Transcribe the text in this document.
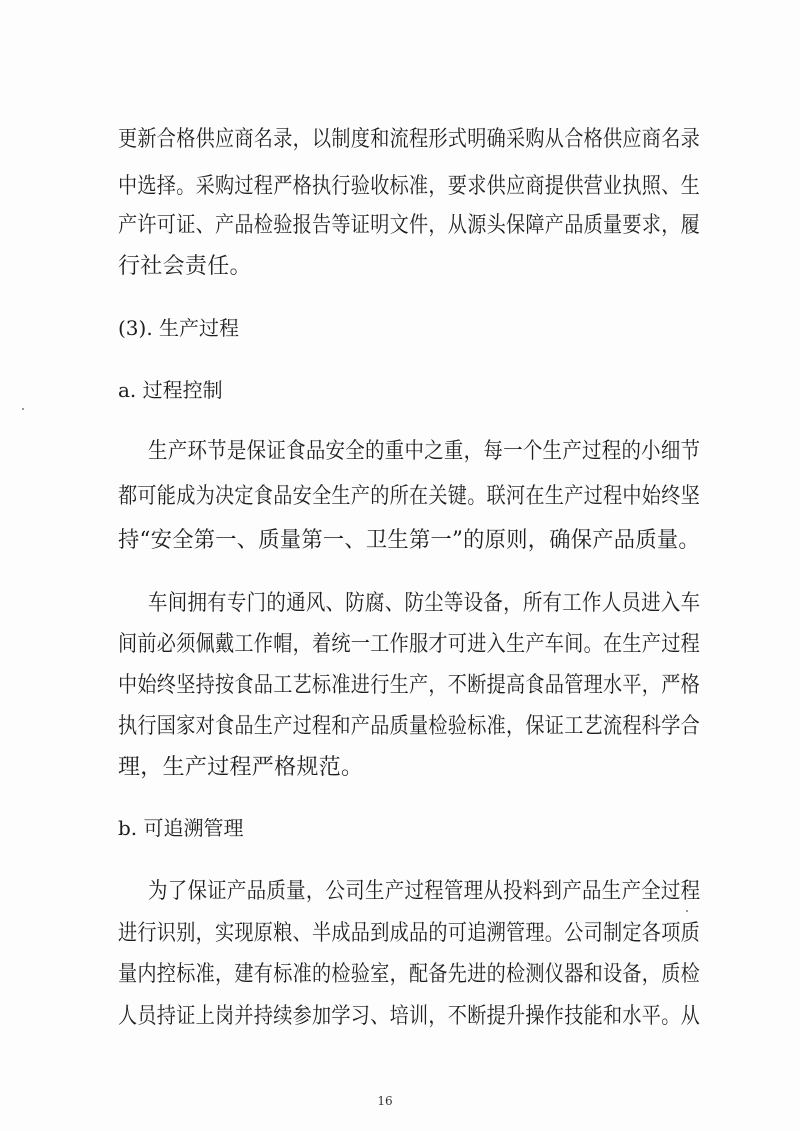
更新合格供应商名录，以制度和流程形式明确采购从合格供应商名录
中选择。采购过程严格执行验收标准，要求供应商提供营业执照、生
产许可证、产品检验报告等证明文件，从源头保障产品质量要求，履
行社会责任。
(3). 生产过程
a. 过程控制
生产环节是保证食品安全的重中之重，每一个生产过程的小细节
都可能成为决定食品安全生产的所在关键。联河在生产过程中始终坚
持“安全第一、质量第一、卫生第一”的原则，确保产品质量。
车间拥有专门的通风、防腐、防尘等设备，所有工作人员进入车
间前必须佩戴工作帽，着统一工作服才可进入生产车间。在生产过程
中始终坚持按食品工艺标准进行生产，不断提高食品管理水平，严格
执行国家对食品生产过程和产品质量检验标准，保证工艺流程科学合
理，生产过程严格规范。
b. 可追溯管理
为了保证产品质量，公司生产过程管理从投料到产品生产全过程
进行识别，实现原粮、半成品到成品的可追溯管理。公司制定各项质
量内控标准，建有标准的检验室，配备先进的检测仪器和设备，质检
人员持证上岗并持续参加学习、培训，不断提升操作技能和水平。从
16
